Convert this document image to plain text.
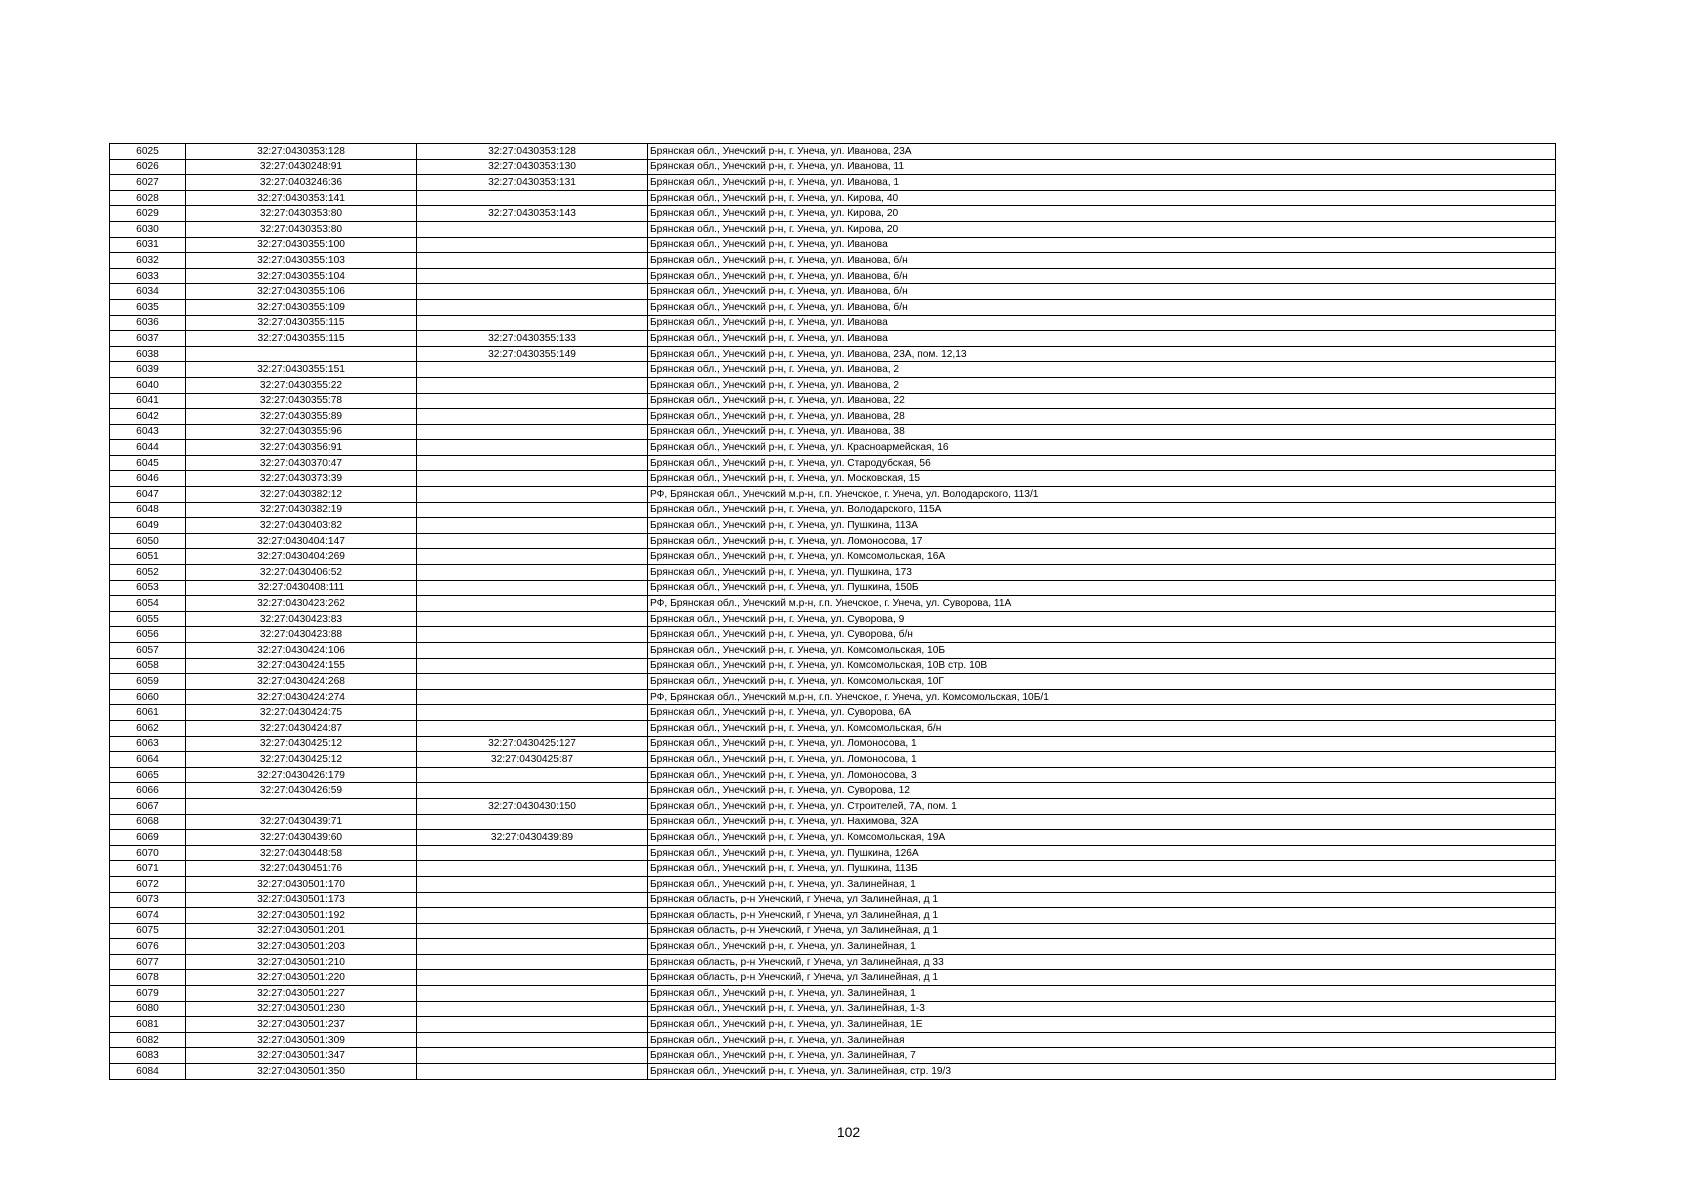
6025	32:27:0430353:128	32:27:0430353:128	Брянская обл., Унечский р-н, г. Унеча, ул. Иванова, 23А
6026	32:27:0430248:91	32:27:0430353:130	Брянская обл., Унечский р-н, г. Унеча, ул. Иванова, 11
6027	32:27:0403246:36	32:27:0430353:131	Брянская обл., Унечский р-н, г. Унеча, ул. Иванова, 1
6028	32:27:0430353:141		Брянская обл., Унечский р-н, г. Унеча, ул. Кирова, 40
6029	32:27:0430353:80	32:27:0430353:143	Брянская обл., Унечский р-н, г. Унеча, ул. Кирова, 20
6030	32:27:0430353:80		Брянская обл., Унечский р-н, г. Унеча, ул. Кирова, 20
6031	32:27:0430355:100		Брянская обл., Унечский р-н, г. Унеча, ул. Иванова
6032	32:27:0430355:103		Брянская обл., Унечский р-н, г. Унеча, ул. Иванова, б/н
6033	32:27:0430355:104		Брянская обл., Унечский р-н, г. Унеча, ул. Иванова, б/н
6034	32:27:0430355:106		Брянская обл., Унечский р-н, г. Унеча, ул. Иванова, б/н
6035	32:27:0430355:109		Брянская обл., Унечский р-н, г. Унеча, ул. Иванова, б/н
6036	32:27:0430355:115		Брянская обл., Унечский р-н, г. Унеча, ул. Иванова
6037	32:27:0430355:115	32:27:0430355:133	Брянская обл., Унечский р-н, г. Унеча, ул. Иванова
6038		32:27:0430355:149	Брянская обл., Унечский р-н, г. Унеча, ул. Иванова, 23А, пом. 12,13
6039	32:27:0430355:151		Брянская обл., Унечский р-н, г. Унеча, ул. Иванова, 2
6040	32:27:0430355:22		Брянская обл., Унечский р-н, г. Унеча, ул. Иванова, 2
6041	32:27:0430355:78		Брянская обл., Унечский р-н, г. Унеча, ул. Иванова, 22
6042	32:27:0430355:89		Брянская обл., Унечский р-н, г. Унеча, ул. Иванова, 28
6043	32:27:0430355:96		Брянская обл., Унечский р-н, г. Унеча, ул. Иванова, 38
6044	32:27:0430356:91		Брянская обл., Унечский р-н, г. Унеча, ул. Красноармейская, 16
6045	32:27:0430370:47		Брянская обл., Унечский р-н, г. Унеча, ул. Стародубская, 56
6046	32:27:0430373:39		Брянская обл., Унечский р-н, г. Унеча, ул. Московская, 15
6047	32:27:0430382:12		РФ, Брянская обл., Унечский м.р-н, г.п. Унечское, г. Унеча, ул. Володарского, 113/1
6048	32:27:0430382:19		Брянская обл., Унечский р-н, г. Унеча, ул. Володарского, 115А
6049	32:27:0430403:82		Брянская обл., Унечский р-н, г. Унеча, ул. Пушкина, 113А
6050	32:27:0430404:147		Брянская обл., Унечский р-н, г. Унеча, ул. Ломоносова, 17
6051	32:27:0430404:269		Брянская обл., Унечский р-н, г. Унеча, ул. Комсомольская, 16А
6052	32:27:0430406:52		Брянская обл., Унечский р-н, г. Унеча, ул. Пушкина, 173
6053	32:27:0430408:111		Брянская обл., Унечский р-н, г. Унеча, ул. Пушкина, 150Б
6054	32:27:0430423:262		РФ, Брянская обл., Унечский м.р-н, г.п. Унечское, г. Унеча, ул. Суворова, 11А
6055	32:27:0430423:83		Брянская обл., Унечский р-н, г. Унеча, ул. Суворова, 9
6056	32:27:0430423:88		Брянская обл., Унечский р-н, г. Унеча, ул. Суворова, б/н
6057	32:27:0430424:106		Брянская обл., Унечский р-н, г. Унеча, ул. Комсомольская, 10Б
6058	32:27:0430424:155		Брянская обл., Унечский р-н, г. Унеча, ул. Комсомольская, 10В стр. 10В
6059	32:27:0430424:268		Брянская обл., Унечский р-н, г. Унеча, ул. Комсомольская, 10Г
6060	32:27:0430424:274		РФ, Брянская обл., Унечский м.р-н, г.п. Унечское, г. Унеча, ул. Комсомольская, 10Б/1
6061	32:27:0430424:75		Брянская обл., Унечский р-н, г. Унеча, ул. Суворова, 6А
6062	32:27:0430424:87		Брянская обл., Унечский р-н, г. Унеча, ул. Комсомольская, б/н
6063	32:27:0430425:12	32:27:0430425:127	Брянская обл., Унечский р-н, г. Унеча, ул. Ломоносова, 1
6064	32:27:0430425:12	32:27:0430425:87	Брянская обл., Унечский р-н, г. Унеча, ул. Ломоносова, 1
6065	32:27:0430426:179		Брянская обл., Унечский р-н, г. Унеча, ул. Ломоносова, 3
6066	32:27:0430426:59		Брянская обл., Унечский р-н, г. Унеча, ул. Суворова, 12
6067		32:27:0430430:150	Брянская обл., Унечский р-н, г. Унеча, ул. Строителей, 7А, пом. 1
6068	32:27:0430439:71		Брянская обл., Унечский р-н, г. Унеча, ул. Нахимова, 32А
6069	32:27:0430439:60	32:27:0430439:89	Брянская обл., Унечский р-н, г. Унеча, ул. Комсомольская, 19А
6070	32:27:0430448:58		Брянская обл., Унечский р-н, г. Унеча, ул. Пушкина, 126А
6071	32:27:0430451:76		Брянская обл., Унечский р-н, г. Унеча, ул. Пушкина, 113Б
6072	32:27:0430501:170		Брянская обл., Унечский р-н, г. Унеча, ул. Залинейная, 1
6073	32:27:0430501:173		Брянская область, р-н Унечский, г Унеча, ул Залинейная, д 1
6074	32:27:0430501:192		Брянская область, р-н Унечский, г Унеча, ул Залинейная, д 1
6075	32:27:0430501:201		Брянская область, р-н Унечский, г Унеча, ул Залинейная, д 1
6076	32:27:0430501:203		Брянская обл., Унечский р-н, г. Унеча, ул. Залинейная, 1
6077	32:27:0430501:210		Брянская область, р-н Унечский, г Унеча, ул Залинейная, д 33
6078	32:27:0430501:220		Брянская область, р-н Унечский, г Унеча, ул Залинейная, д 1
6079	32:27:0430501:227		Брянская обл., Унечский р-н, г. Унеча, ул. Залинейная, 1
6080	32:27:0430501:230		Брянская обл., Унечский р-н, г. Унеча, ул. Залинейная, 1-3
6081	32:27:0430501:237		Брянская обл., Унечский р-н, г. Унеча, ул. Залинейная, 1Е
6082	32:27:0430501:309		Брянская обл., Унечский р-н, г. Унеча, ул. Залинейная
6083	32:27:0430501:347		Брянская обл., Унечский р-н, г. Унеча, ул. Залинейная, 7
6084	32:27:0430501:350		Брянская обл., Унечский р-н, г. Унеча, ул. Залинейная, стр. 19/3
102
